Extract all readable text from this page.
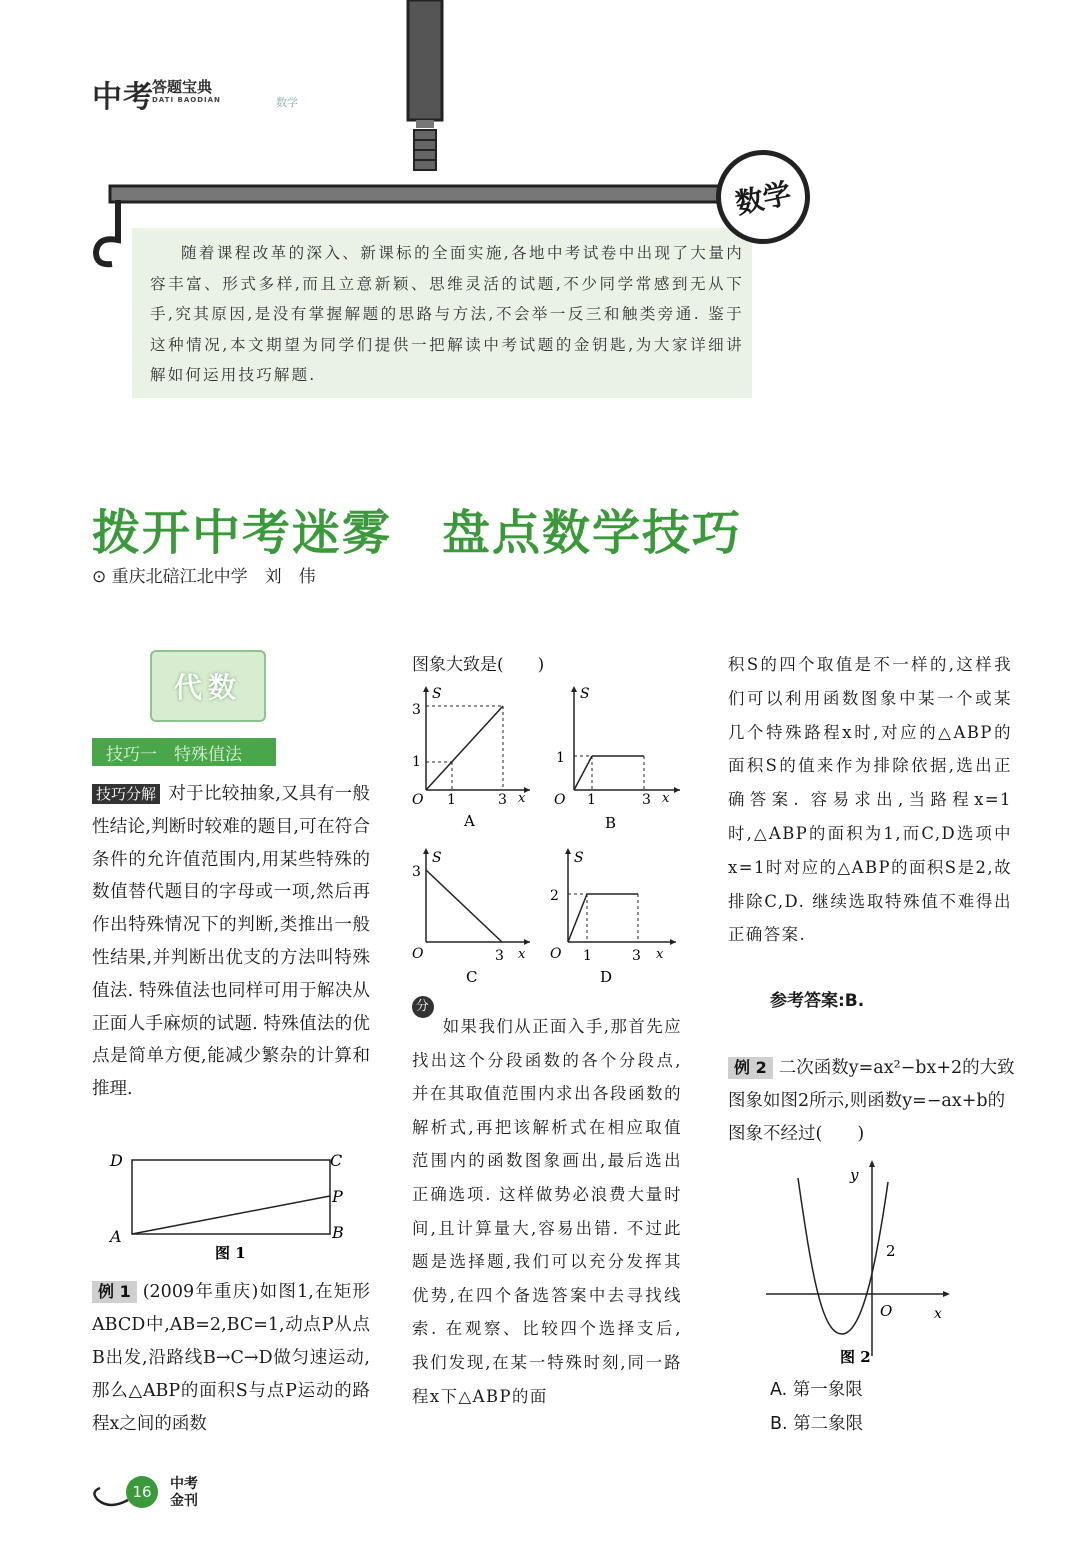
中考
答题宝典
DATI BAODIAN	数学
随着课程改革的深入、新课标的全面实施,各地中考试卷中出现了大量内容丰富、形式多样,而且立意新颖、思维灵活的试题,不少同学常感到无从下手,究其原因,是没有掌握解题的思路与方法,不会举一反三和触类旁通. 鉴于这种情况,本文期望为同学们提供一把解读中考试题的金钥匙,为大家详细讲解如何运用技巧解题.
数学
拨开中考迷雾　盘点数学技巧
⊙ 重庆北碚江北中学　刘　伟
代数
技巧一　特殊值法
技巧分解 对于比较抽象,又具有一般性结论,判断时较难的题目,可在符合条件的允许值范围内,用某些特殊的数值替代题目的字母或一项,然后再作出特殊情况下的判断,类推出一般性结果,并判断出优支的方法叫特殊值法. 特殊值法也同样可用于解决从正面人手麻烦的试题. 特殊值法的优点是简单方便,能减少繁杂的计算和推理.
D	C
A	B
P
图 1
例 1 (2009年重庆)如图1,在矩形ABCD中,AB=2,BC=1,动点P从点B出发,沿路线B→C→D做匀速运动,那么△ABP的面积S与点P运动的路程x之间的函数
图象大致是(　　)
S
3
1
O 1	3 x
A
S
1
O 1	3 x
B
S
3
O	3 x
C
S
2
O 1	3 x
D
分析 如果我们从正面入手,那首先应找出这个分段函数的各个分段点,并在其取值范围内求出各段函数的解析式,再把该解析式在相应取值范围内的函数图象画出,最后选出正确选项. 这样做势必浪费大量时间,且计算量大,容易出错. 不过此题是选择题,我们可以充分发挥其优势,在四个备选答案中去寻找线索. 在观察、比较四个选择支后,我们发现,在某一特殊时刻,同一路程x下△ABP的面
积S的四个取值是不一样的,这样我们可以利用函数图象中某一个或某几个特殊路程x时,对应的△ABP的面积S的值来作为排除依据,选出正确答案. 容易求出,当路程x=1时,△ABP的面积为1,而C,D选项中x=1时对应的△ABP的面积S是2,故排除C,D. 继续选取特殊值不难得出正确答案.
参考答案:B.
例 2 二次函数y=ax²−bx+2的大致图象如图2所示,则函数y=−ax+b的图象不经过(　　)
y
2
O	x
图 2
A. 第一象限
B. 第二象限
16	中考
金刊
